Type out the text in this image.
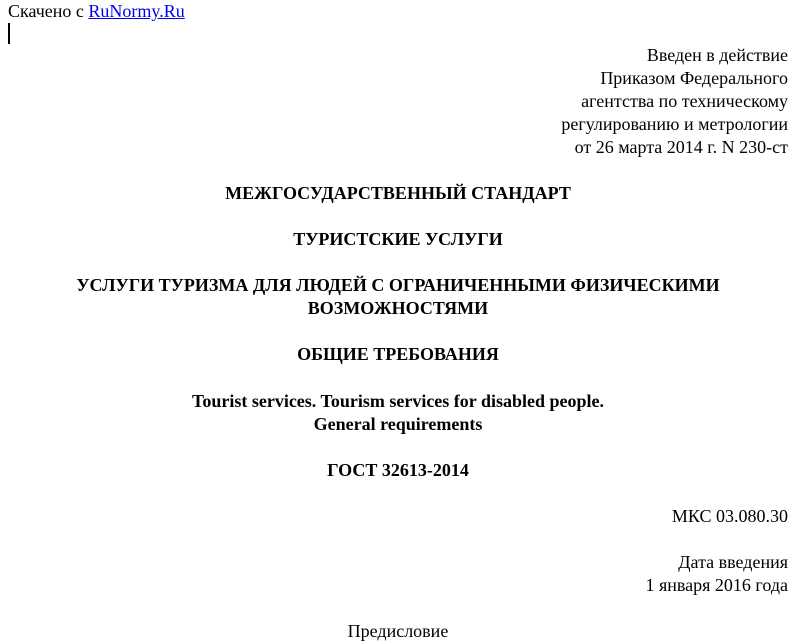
Скачено с RuNormy.Ru
Введен в действие
Приказом Федерального
агентства по техническому
регулированию и метрологии
от 26 марта 2014 г. N 230-ст
МЕЖГОСУДАРСТВЕННЫЙ СТАНДАРТ
ТУРИСТСКИЕ УСЛУГИ
УСЛУГИ ТУРИЗМА ДЛЯ ЛЮДЕЙ С ОГРАНИЧЕННЫМИ ФИЗИЧЕСКИМИ
ВОЗМОЖНОСТЯМИ
ОБЩИЕ ТРЕБОВАНИЯ
Tourist services. Tourism services for disabled people.
General requirements
ГОСТ 32613-2014
МКС 03.080.30
Дата введения
1 января 2016 года
Предисловие
